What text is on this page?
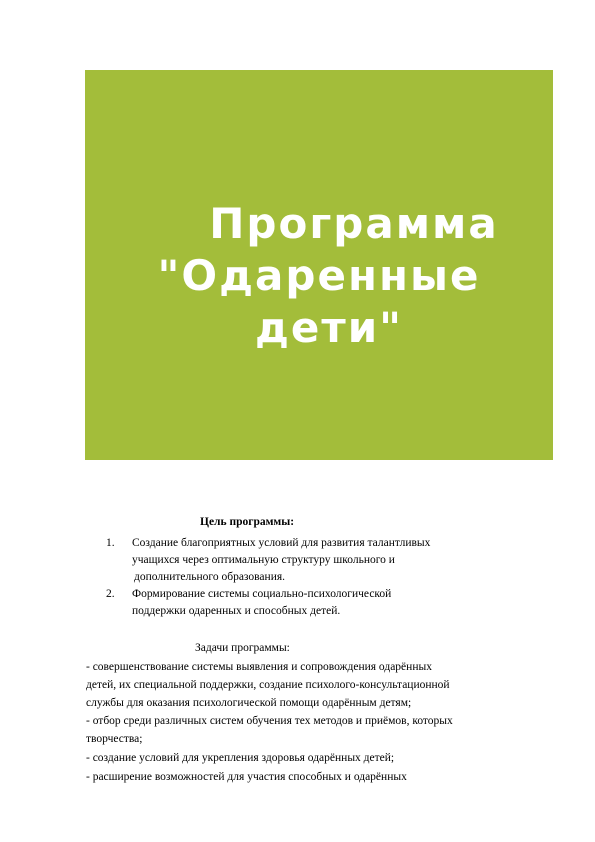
Программа
"Одаренные
дети"
Цель программы:
1. Создание благоприятных условий для развития талантливых
учащихся через оптимальную структуру школьного и
дополнительного образования.
2. Формирование системы социально-психологической
поддержки одаренных и способных детей.
Задачи программы:
- совершенствование системы выявления и сопровождения одарённых
детей, их специальной поддержки, создание психолого-консультационной
службы для оказания психологической помощи одарённым детям;
- отбор среди различных систем обучения тех методов и приёмов, которых
творчества;
- создание условий для укрепления здоровья одарённых детей;
- расширение возможностей для участия способных и одарённых
